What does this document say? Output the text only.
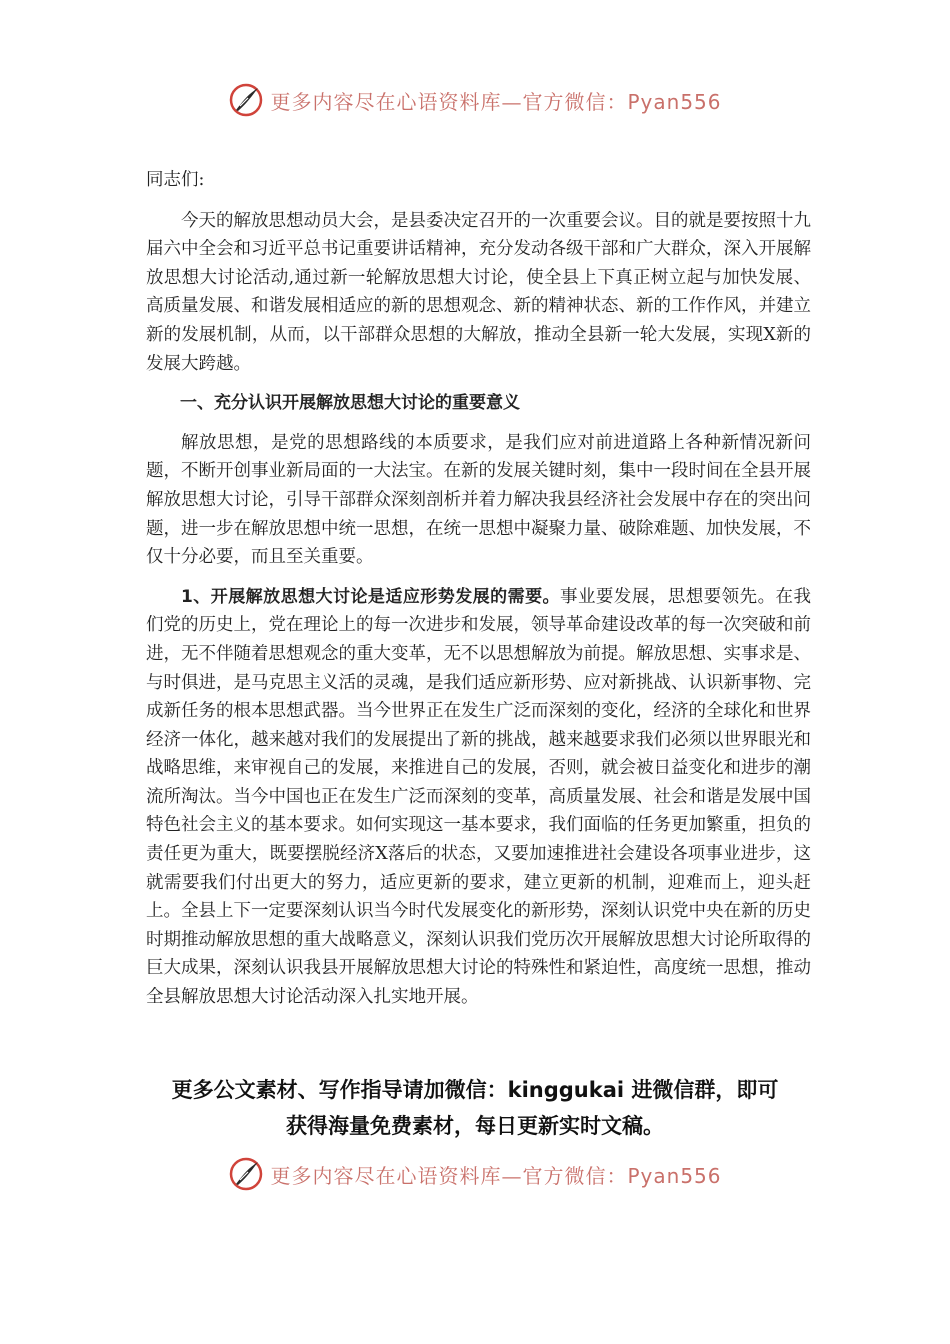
更多内容尽在心语资料库—官方微信：Pyan556

同志们:

今天的解放思想动员大会，是县委决定召开的一次重要会议。目的就是要按照十九届六中全会和习近平总书记重要讲话精神，充分发动各级干部和广大群众，深入开展解放思想大讨论活动,通过新一轮解放思想大讨论，使全县上下真正树立起与加快发展、高质量发展、和谐发展相适应的新的思想观念、新的精神状态、新的工作作风，并建立新的发展机制，从而，以干部群众思想的大解放，推动全县新一轮大发展，实现X新的发展大跨越。

一、充分认识开展解放思想大讨论的重要意义

解放思想，是党的思想路线的本质要求，是我们应对前进道路上各种新情况新问题，不断开创事业新局面的一大法宝。在新的发展关键时刻，集中一段时间在全县开展解放思想大讨论，引导干部群众深刻剖析并着力解决我县经济社会发展中存在的突出问题，进一步在解放思想中统一思想，在统一思想中凝聚力量、破除难题、加快发展，不仅十分必要，而且至关重要。

1、开展解放思想大讨论是适应形势发展的需要。事业要发展，思想要领先。在我们党的历史上，党在理论上的每一次进步和发展，领导革命建设改革的每一次突破和前进，无不伴随着思想观念的重大变革，无不以思想解放为前提。解放思想、实事求是、与时俱进，是马克思主义活的灵魂，是我们适应新形势、应对新挑战、认识新事物、完成新任务的根本思想武器。当今世界正在发生广泛而深刻的变化，经济的全球化和世界经济一体化，越来越对我们的发展提出了新的挑战，越来越要求我们必须以世界眼光和战略思维，来审视自己的发展，来推进自己的发展，否则，就会被日益变化和进步的潮流所淘汰。当今中国也正在发生广泛而深刻的变革，高质量发展、社会和谐是发展中国特色社会主义的基本要求。如何实现这一基本要求，我们面临的任务更加繁重，担负的责任更为重大，既要摆脱经济X落后的状态，又要加速推进社会建设各项事业进步，这就需要我们付出更大的努力，适应更新的要求，建立更新的机制，迎难而上，迎头赶上。全县上下一定要深刻认识当今时代发展变化的新形势，深刻认识党中央在新的历史时期推动解放思想的重大战略意义，深刻认识我们党历次开展解放思想大讨论所取得的巨大成果，深刻认识我县开展解放思想大讨论的特殊性和紧迫性，高度统一思想，推动全县解放思想大讨论活动深入扎实地开展。

更多公文素材、写作指导请加微信：kinggukai 进微信群，即可
获得海量免费素材，每日更新实时文稿。
更多内容尽在心语资料库—官方微信：Pyan556
